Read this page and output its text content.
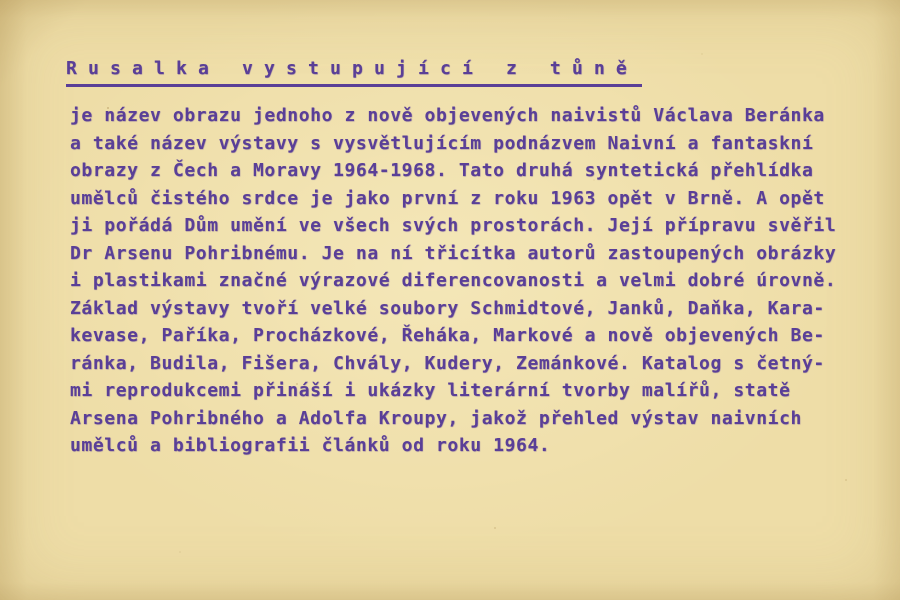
Rusalka vystupující z tůně
je název obrazu jednoho z nově objevených naivistů Václava Beránka
a také název výstavy s vysvětlujícím podnázvem Naivní a fantaskní
obrazy z Čech a Moravy 1964-1968. Tato druhá syntetická přehlídka
umělců čistého srdce je jako první z roku 1963 opět v Brně. A opět
ji pořádá Dům umění ve všech svých prostorách. Její přípravu svěřil
Dr Arsenu Pohribnému. Je na ní třicítka autorů zastoupených obrázky
i plastikami značné výrazové diferencovanosti a velmi dobré úrovně.
Základ výstavy tvoří velké soubory Schmidtové, Janků, Daňka, Kara-
kevase, Paříka, Procházkové, Řeháka, Markové a nově objevených Be-
ránka, Budila, Fišera, Chvály, Kudery, Zemánkové. Katalog s četný-
mi reprodukcemi přináší i ukázky literární tvorby malířů, statě
Arsena Pohribného a Adolfa Kroupy, jakož přehled výstav naivních
umělců a bibliografii článků od roku 1964.
